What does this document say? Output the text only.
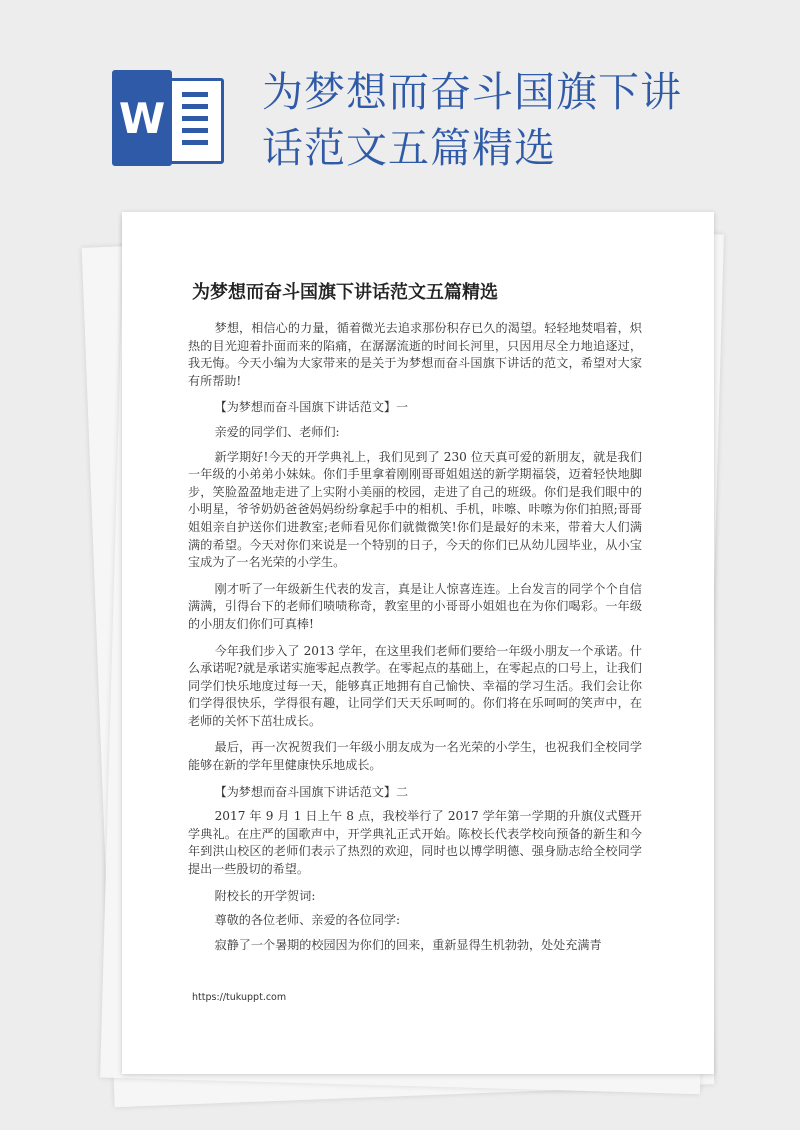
W
为梦想而奋斗国旗下讲话范文五篇精选
为梦想而奋斗国旗下讲话范文五篇精选

梦想，相信心的力量，循着微光去追求那份积存已久的渴望。轻轻地焚唱着，炽热的目光迎着扑面而来的陷痛，在潺潺流逝的时间长河里，只因用尽全力地追逐过，我无悔。今天小编为大家带来的是关于为梦想而奋斗国旗下讲话的范文，希望对大家有所帮助!

【为梦想而奋斗国旗下讲话范文】一

亲爱的同学们、老师们:

新学期好!今天的开学典礼上，我们见到了 230 位天真可爱的新朋友，就是我们一年级的小弟弟小妹妹。你们手里拿着刚刚哥哥姐姐送的新学期福袋，迈着轻快地脚步，笑脸盈盈地走进了上实附小美丽的校园，走进了自己的班级。你们是我们眼中的小明星，爷爷奶奶爸爸妈妈纷纷拿起手中的相机、手机，咔嚓、咔嚓为你们拍照;哥哥姐姐亲自护送你们进教室;老师看见你们就微微笑!你们是最好的未来，带着大人们满满的希望。今天对你们来说是一个特别的日子，今天的你们已从幼儿园毕业，从小宝宝成为了一名光荣的小学生。

刚才听了一年级新生代表的发言，真是让人惊喜连连。上台发言的同学个个自信满满，引得台下的老师们啧啧称奇，教室里的小哥哥小姐姐也在为你们喝彩。一年级的小朋友们你们可真棒!

今年我们步入了 2013 学年，在这里我们老师们要给一年级小朋友一个承诺。什么承诺呢?就是承诺实施零起点教学。在零起点的基础上，在零起点的口号上，让我们同学们快乐地度过每一天，能够真正地拥有自己愉快、幸福的学习生活。我们会让你们学得很快乐，学得很有趣，让同学们天天乐呵呵的。你们将在乐呵呵的笑声中，在老师的关怀下茁壮成长。

最后，再一次祝贺我们一年级小朋友成为一名光荣的小学生，也祝我们全校同学能够在新的学年里健康快乐地成长。

【为梦想而奋斗国旗下讲话范文】二

2017 年 9 月 1 日上午 8 点，我校举行了 2017 学年第一学期的升旗仪式暨开学典礼。在庄严的国歌声中，开学典礼正式开始。陈校长代表学校向预备的新生和今年到洪山校区的老师们表示了热烈的欢迎，同时也以博学明德、强身励志给全校同学提出一些殷切的希望。

附校长的开学贺词:

尊敬的各位老师、亲爱的各位同学:

寂静了一个暑期的校园因为你们的回来，重新显得生机勃勃，处处充满青

https://tukuppt.com
